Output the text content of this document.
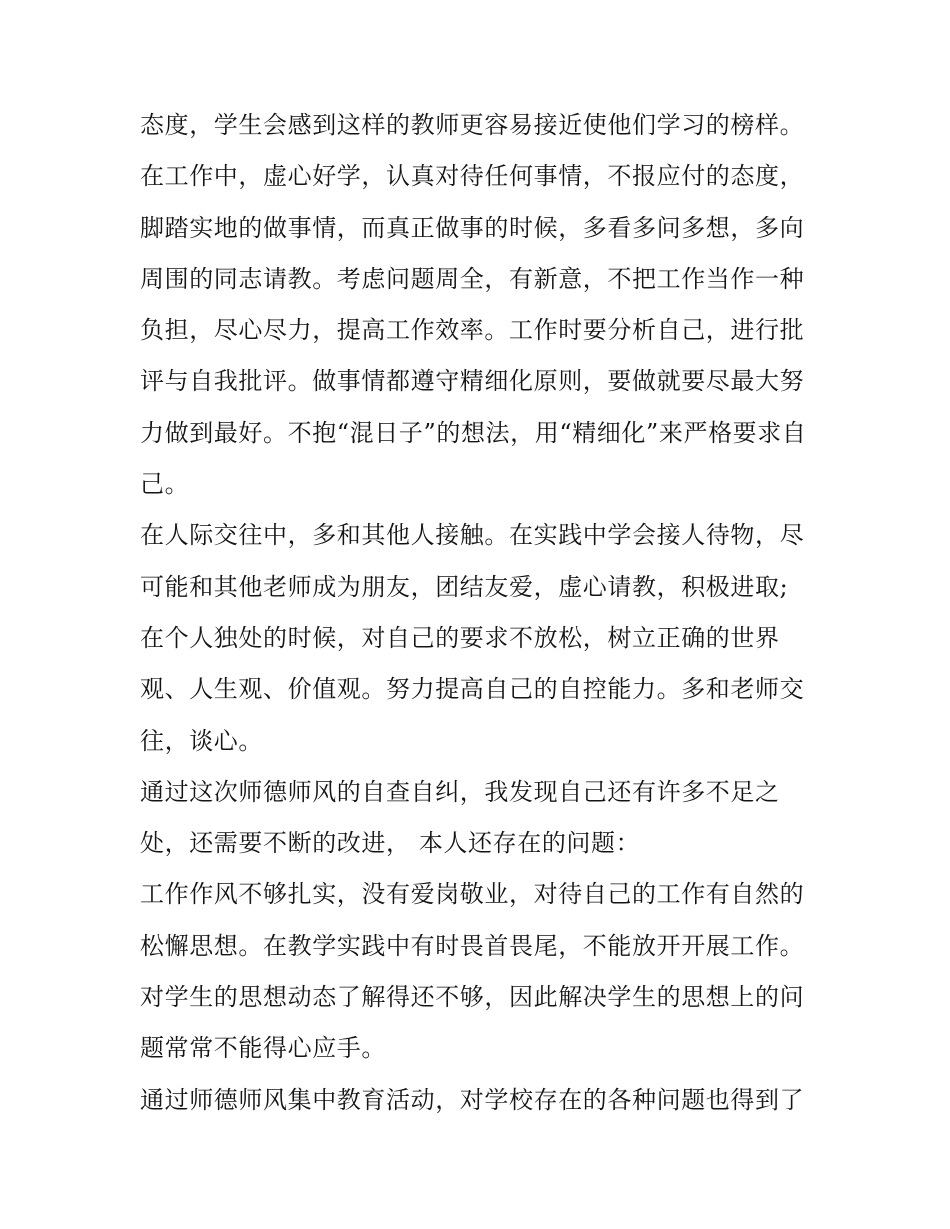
态度，学生会感到这样的教师更容易接近使他们学习的榜样。
在工作中，虚心好学，认真对待任何事情，不报应付的态度，
脚踏实地的做事情，而真正做事的时候，多看多问多想，多向
周围的同志请教。考虑问题周全，有新意，不把工作当作一种
负担，尽心尽力，提高工作效率。工作时要分析自己，进行批
评与自我批评。做事情都遵守精细化原则，要做就要尽最大努
力做到最好。不抱“混日子”的想法，用“精细化”来严格要求自
己。
在人际交往中，多和其他人接触。在实践中学会接人待物，尽
可能和其他老师成为朋友，团结友爱，虚心请教，积极进取;
在个人独处的时候，对自己的要求不放松，树立正确的世界
观、人生观、价值观。努力提高自己的自控能力。多和老师交
往，谈心。
通过这次师德师风的自查自纠，我发现自己还有许多不足之
处，还需要不断的改进， 本人还存在的问题：
工作作风不够扎实，没有爱岗敬业，对待自己的工作有自然的
松懈思想。在教学实践中有时畏首畏尾，不能放开开展工作。
对学生的思想动态了解得还不够，因此解决学生的思想上的问
题常常不能得心应手。
通过师德师风集中教育活动，对学校存在的各种问题也得到了
